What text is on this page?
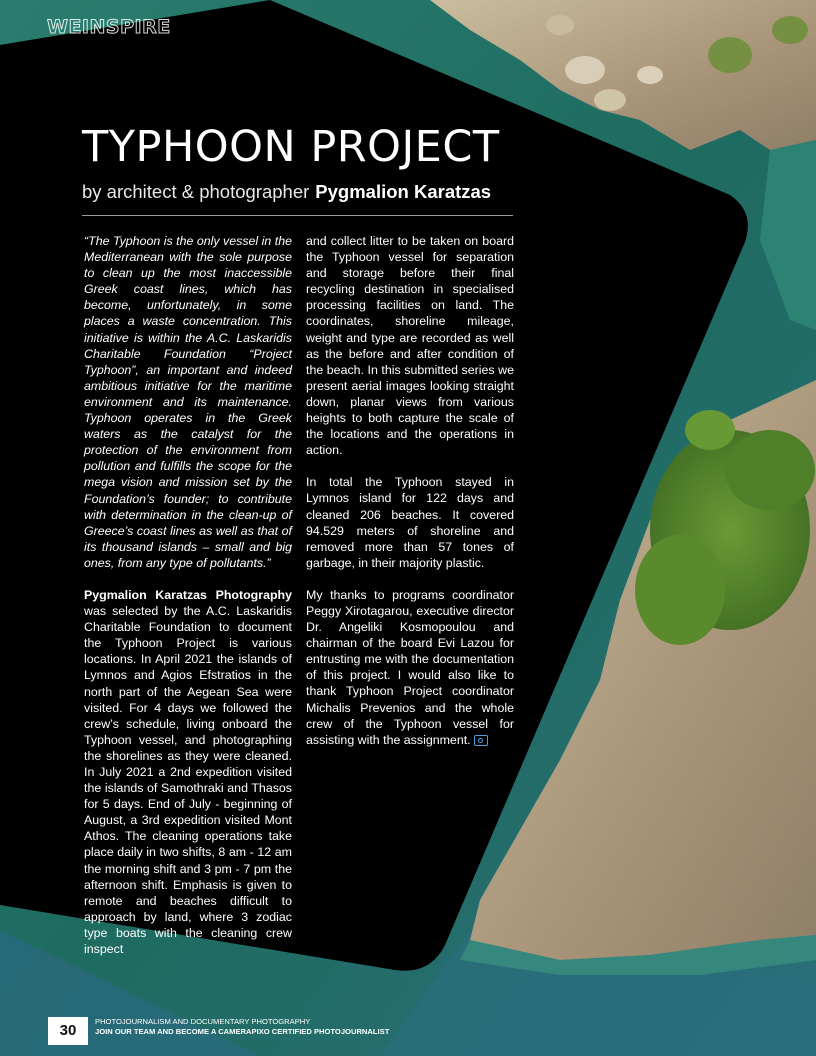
WEINSPIRE
TYPHOON PROJECT
by architect & photographer Pygmalion Karatzas

“The Typhoon is the only vessel in the Mediterranean with the sole purpose to clean up the most inaccessible Greek coast lines, which has become, unfortunately, in some places a waste concentration. This initiative is within the A.C. Laskaridis Charitable Foundation “Project Typhoon”, an important and indeed ambitious initiative for the maritime environment and its maintenance. Typhoon operates in the Greek waters as the catalyst for the protection of the environment from pollution and fulfills the scope for the mega vision and mission set by the Foundation’s founder; to contribute with determination in the clean-up of Greece’s coast lines as well as that of its thousand islands – small and big ones, from any type of pollutants.”

Pygmalion Karatzas Photography was selected by the A.C. Laskaridis Charitable Foundation to document the Typhoon Project is various locations. In April 2021 the islands of Lymnos and Agios Efstratios in the north part of the Aegean Sea were visited. For 4 days we followed the crew’s schedule, living onboard the Typhoon vessel, and photographing the shorelines as they were cleaned. In July 2021 a 2nd expedition visited the islands of Samothraki and Thasos for 5 days. End of July - beginning of August, a 3rd expedition visited Mont Athos. The cleaning operations take place daily in two shifts, 8 am - 12 am the morning shift and 3 pm - 7 pm the afternoon shift. Emphasis is given to remote and beaches difficult to approach by land, where 3 zodiac type boats with the cleaning crew inspect

and collect litter to be taken on board the Typhoon vessel for separation and storage before their final recycling destination in specialised processing facilities on land. The coordinates, shoreline mileage, weight and type are recorded as well as the before and after condition of the beach. In this submitted series we present aerial images looking straight down, planar views from various heights to both capture the scale of the locations and the operations in action.

In total the Typhoon stayed in Lymnos island for 122 days and cleaned 206 beaches. It covered 94.529 meters of shoreline and removed more than 57 tones of garbage, in their majority plastic.

My thanks to programs coordinator Peggy Xirotagarou, executive director Dr. Angeliki Kosmopoulou and chairman of the board Evi Lazou for entrusting me with the documentation of this project. I would also like to thank Typhoon Project coordinator Michalis Prevenios and the whole crew of the Typhoon vessel for assisting with the assignment.

30
PHOTOJOURNALISM AND DOCUMENTARY PHOTOGRAPHY
JOIN OUR TEAM AND BECOME A CAMERAPIXO CERTIFIED PHOTOJOURNALIST
